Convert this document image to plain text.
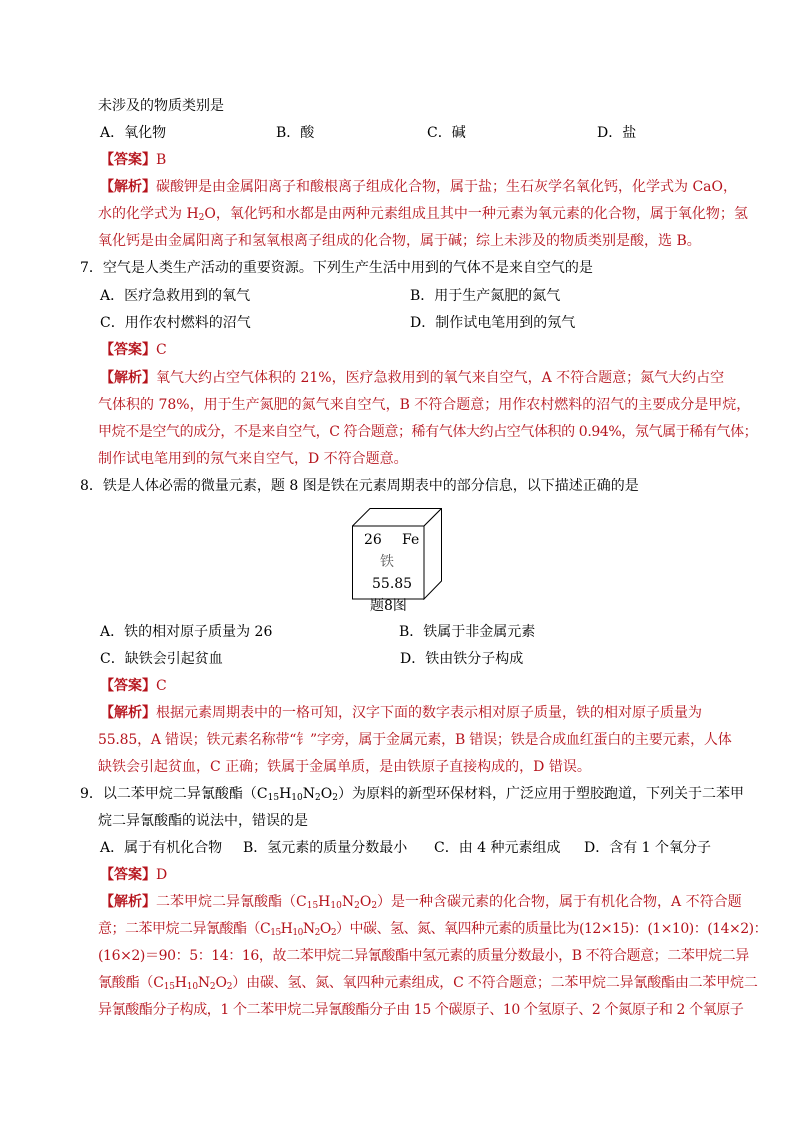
未涉及的物质类别是
A．氧化物	B．酸	C．碱	D．盐
【答案】B
【解析】碳酸钾是由金属阳离子和酸根离子组成化合物，属于盐；生石灰学名氧化钙，化学式为 CaO，
水的化学式为 $H_2O$，氧化钙和水都是由两种元素组成且其中一种元素为氧元素的化合物，属于氧化物；氢
氧化钙是由金属阳离子和氢氧根离子组成的化合物，属于碱；综上未涉及的物质类别是酸，选 B。
7．空气是人类生产活动的重要资源。下列生产生活中用到的气体不是来自空气的是
A．医疗急救用到的氧气	B．用于生产氮肥的氮气
C．用作农村燃料的沼气	D．制作试电笔用到的氖气
【答案】C
【解析】氧气大约占空气体积的 21%，医疗急救用到的氧气来自空气，A 不符合题意；氮气大约占空
气体积的 78%，用于生产氮肥的氮气来自空气，B 不符合题意；用作农村燃料的沼气的主要成分是甲烷，
甲烷不是空气的成分，不是来自空气，C 符合题意；稀有气体大约占空气体积的 0.94%，氖气属于稀有气体；
制作试电笔用到的氖气来自空气，D 不符合题意。
8．铁是人体必需的微量元素，题 8 图是铁在元素周期表中的部分信息，以下描述正确的是
26 Fe
铁
55.85
题8图
A．铁的相对原子质量为 26	B．铁属于非金属元素
C．缺铁会引起贫血	D．铁由铁分子构成
【答案】C
【解析】根据元素周期表中的一格可知，汉字下面的数字表示相对原子质量，铁的相对原子质量为
55.85，A 错误；铁元素名称带“钅”字旁，属于金属元素，B 错误；铁是合成血红蛋白的主要元素，人体
缺铁会引起贫血，C 正确；铁属于金属单质，是由铁原子直接构成的，D 错误。
9．以二苯甲烷二异氰酸酯$(C_{15}H_{10}N_2O_2)$为原料的新型环保材料，广泛应用于塑胶跑道，下列关于二苯甲
烷二异氰酸酯的说法中，错误的是
A．属于有机化合物 B．氢元素的质量分数最小 C．由 4 种元素组成 D．含有 1 个氧分子
【答案】D
【解析】二苯甲烷二异氰酸酯$(C_{15}H_{10}N_2O_2)$是一种含碳元素的化合物，属于有机化合物，A 不符合题
意；二苯甲烷二异氰酸酯$(C_{15}H_{10}N_2O_2)$中碳、氢、氮、氧四种元素的质量比为(12×15)：(1×10)：(14×2)：
(16×2)＝90：5：14：16，故二苯甲烷二异氰酸酯中氢元素的质量分数最小，B 不符合题意；二苯甲烷二异
氰酸酯$(C_{15}H_{10}N_2O_2)$由碳、氢、氮、氧四种元素组成，C 不符合题意；二苯甲烷二异氰酸酯由二苯甲烷二
异氰酸酯分子构成，1 个二苯甲烷二异氰酸酯分子由 15 个碳原子、10 个氢原子、2 个氮原子和 2 个氧原子
